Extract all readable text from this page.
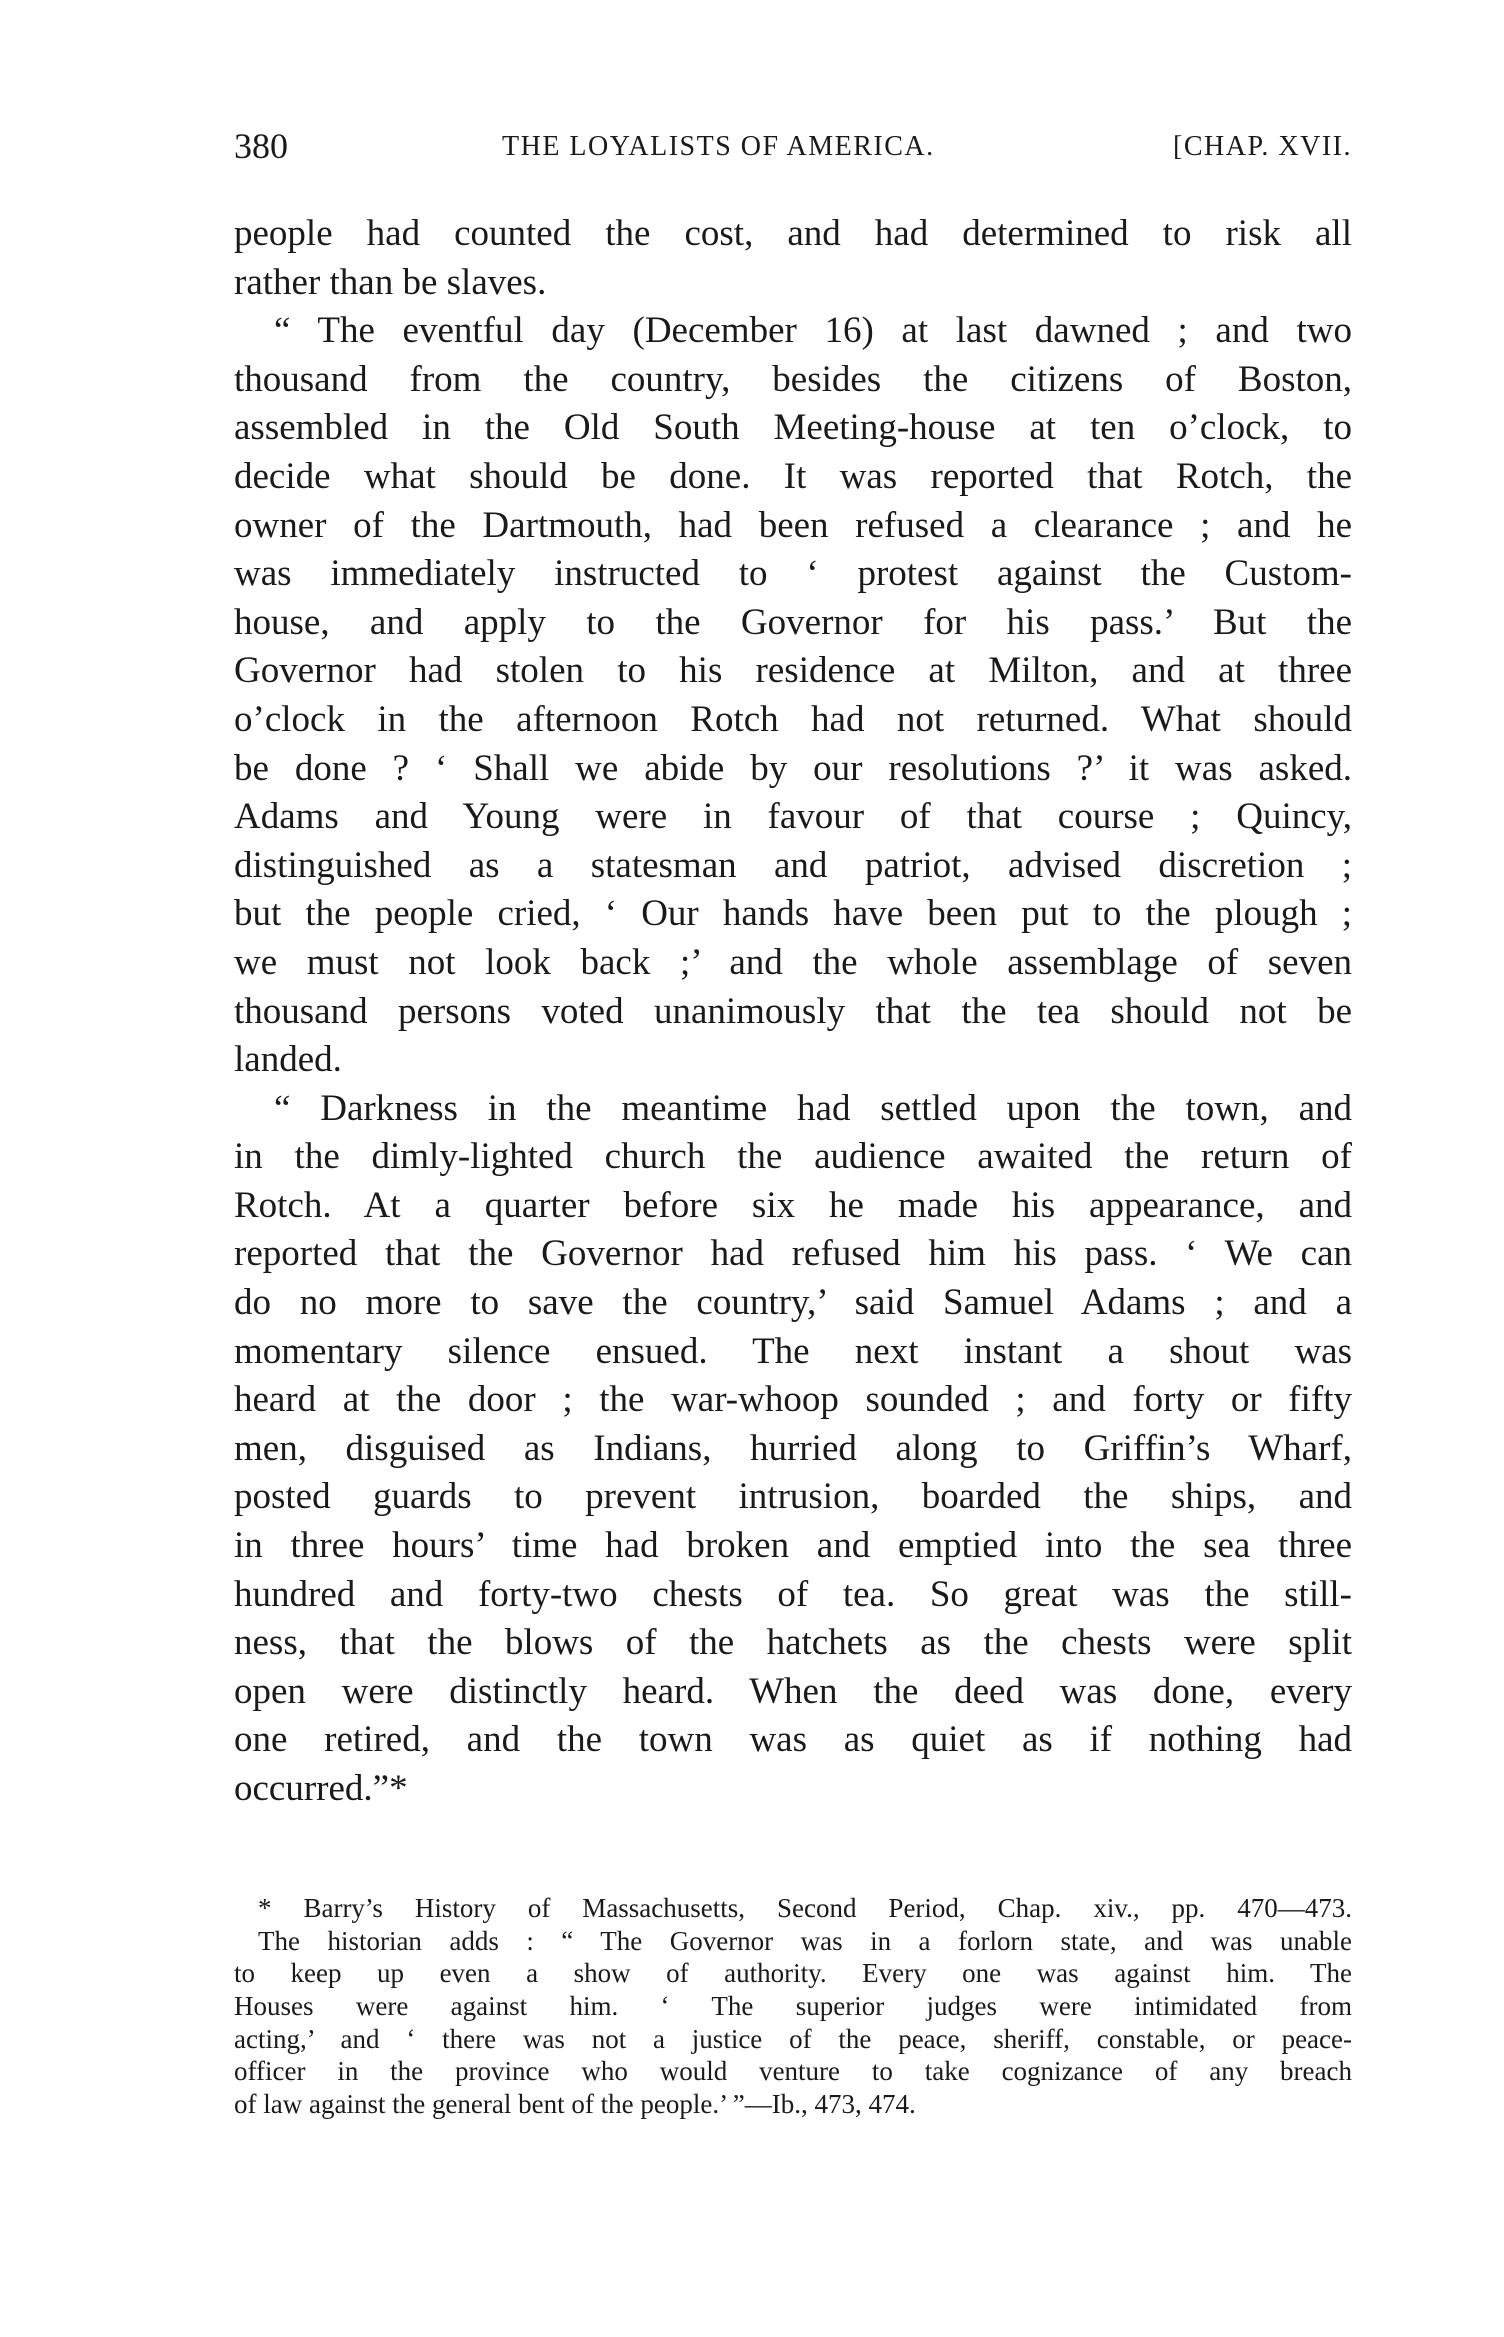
380	THE LOYALISTS OF AMERICA.	[CHAP. XVII.
people had counted the cost, and had determined to risk all
rather than be slaves.
“ The eventful day (December 16) at last dawned ; and two
thousand from the country, besides the citizens of Boston,
assembled in the Old South Meeting-house at ten o’clock, to
decide what should be done. It was reported that Rotch, the
owner of the Dartmouth, had been refused a clearance ; and he
was immediately instructed to ‘ protest against the Custom-
house, and apply to the Governor for his pass.’ But the
Governor had stolen to his residence at Milton, and at three
o’clock in the afternoon Rotch had not returned. What should
be done ? ‘ Shall we abide by our resolutions ?’ it was asked.
Adams and Young were in favour of that course ; Quincy,
distinguished as a statesman and patriot, advised discretion ;
but the people cried, ‘ Our hands have been put to the plough ;
we must not look back ;’ and the whole assemblage of seven
thousand persons voted unanimously that the tea should not be
landed.
“ Darkness in the meantime had settled upon the town, and
in the dimly-lighted church the audience awaited the return of
Rotch. At a quarter before six he made his appearance, and
reported that the Governor had refused him his pass. ‘ We can
do no more to save the country,’ said Samuel Adams ; and a
momentary silence ensued. The next instant a shout was
heard at the door ; the war-whoop sounded ; and forty or fifty
men, disguised as Indians, hurried along to Griffin’s Wharf,
posted guards to prevent intrusion, boarded the ships, and
in three hours’ time had broken and emptied into the sea three
hundred and forty-two chests of tea. So great was the still-
ness, that the blows of the hatchets as the chests were split
open were distinctly heard. When the deed was done, every
one retired, and the town was as quiet as if nothing had
occurred.”*
* Barry’s History of Massachusetts, Second Period, Chap. xiv., pp. 470—473.
The historian adds : “ The Governor was in a forlorn state, and was unable
to keep up even a show of authority. Every one was against him. The
Houses were against him. ‘ The superior judges were intimidated from
acting,’ and ‘ there was not a justice of the peace, sheriff, constable, or peace-
officer in the province who would venture to take cognizance of any breach
of law against the general bent of the people.’ ”—Ib., 473, 474.
